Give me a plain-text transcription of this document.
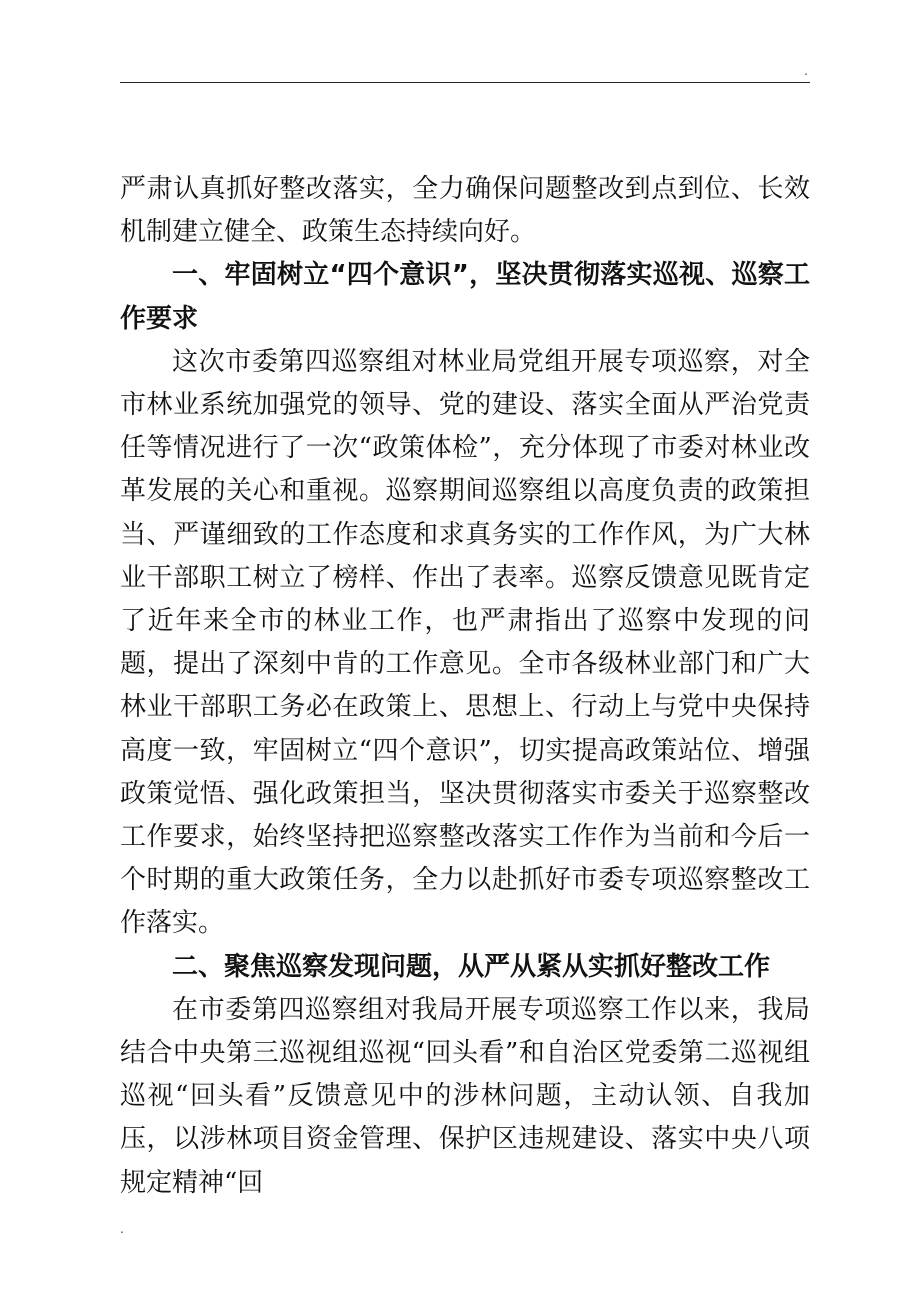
.

严肃认真抓好整改落实，全力确保问题整改到点到位、长效机制建立健全、政策生态持续向好。

一、牢固树立“四个意识”，坚决贯彻落实巡视、巡察工作要求

这次市委第四巡察组对林业局党组开展专项巡察，对全市林业系统加强党的领导、党的建设、落实全面从严治党责任等情况进行了一次“政策体检”，充分体现了市委对林业改革发展的关心和重视。巡察期间巡察组以高度负责的政策担当、严谨细致的工作态度和求真务实的工作作风，为广大林业干部职工树立了榜样、作出了表率。巡察反馈意见既肯定了近年来全市的林业工作，也严肃指出了巡察中发现的问题，提出了深刻中肯的工作意见。全市各级林业部门和广大林业干部职工务必在政策上、思想上、行动上与党中央保持高度一致，牢固树立“四个意识”，切实提高政策站位、增强政策觉悟、强化政策担当，坚决贯彻落实市委关于巡察整改工作要求，始终坚持把巡察整改落实工作作为当前和今后一个时期的重大政策任务，全力以赴抓好市委专项巡察整改工作落实。

二、聚焦巡察发现问题，从严从紧从实抓好整改工作

在市委第四巡察组对我局开展专项巡察工作以来，我局结合中央第三巡视组巡视“回头看”和自治区党委第二巡视组巡视“回头看”反馈意见中的涉林问题，主动认领、自我加压，以涉林项目资金管理、保护区违规建设、落实中央八项规定精神“回

.
